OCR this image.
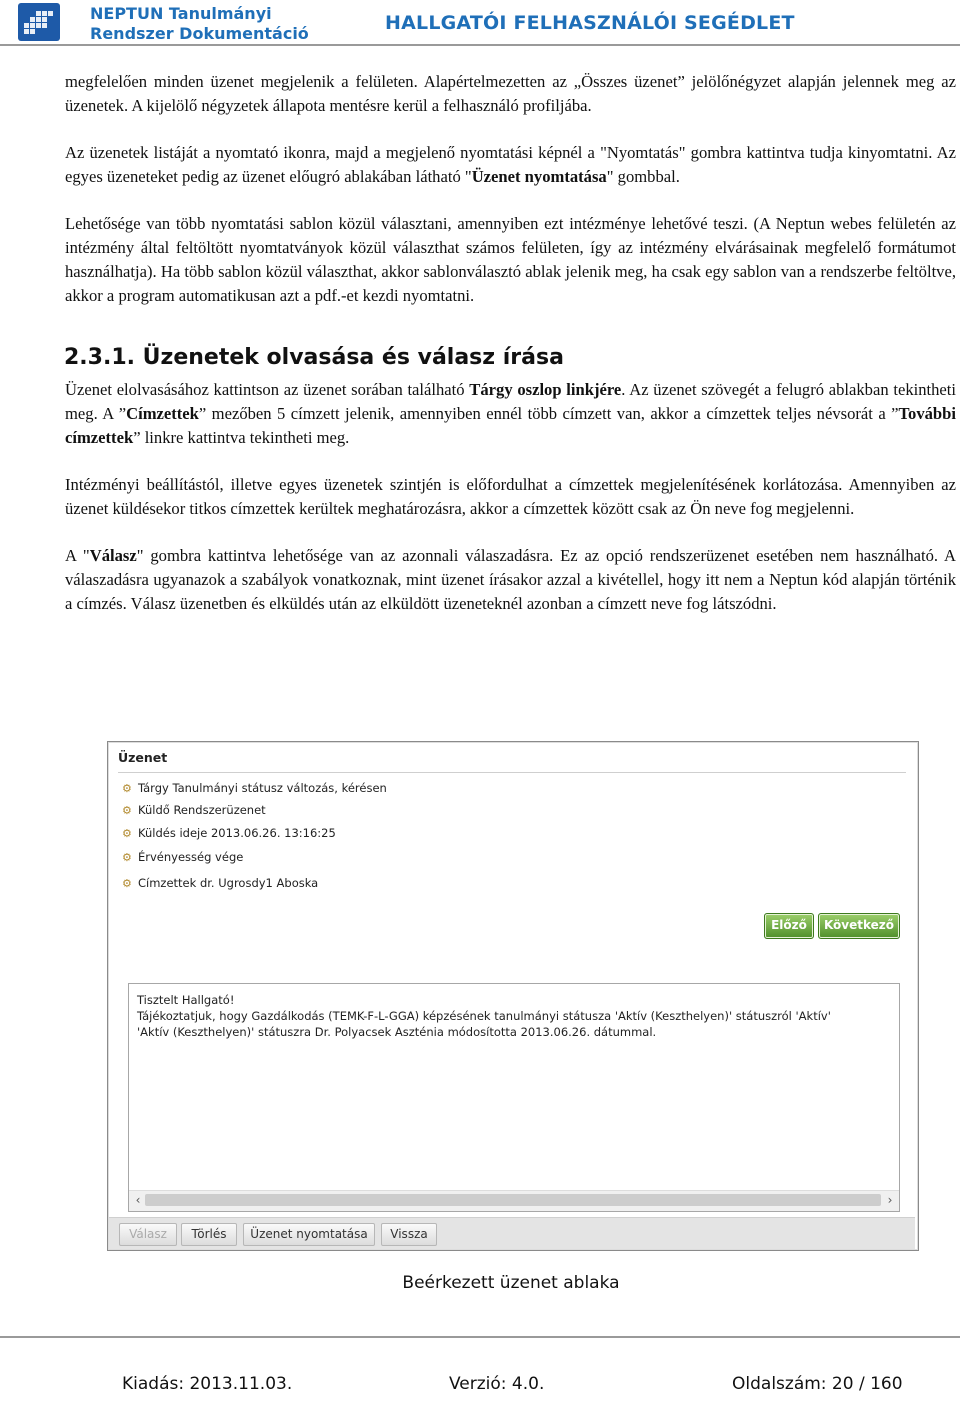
NEPTUN Tanulmányi
Rendszer Dokumentáció	HALLGATÓI FELHASZNÁLÓI SEGÉDLET

megfelelően minden üzenet megjelenik a felületen. Alapértelmezetten az „Összes üzenet” jelölőnégyzet alapján jelennek meg az üzenetek. A kijelölő négyzetek állapota mentésre kerül a felhasználó profiljába.

Az üzenetek listáját a nyomtató ikonra, majd a megjelenő nyomtatási képnél a "Nyomtatás" gombra kattintva tudja kinyomtatni. Az egyes üzeneteket pedig az üzenet előugró ablakában látható "Üzenet nyomtatása" gombbal.

Lehetősége van több nyomtatási sablon közül választani, amennyiben ezt intézménye lehetővé teszi. (A Neptun webes felületén az intézmény által feltöltött nyomtatványok közül választhat számos felületen, így az intézmény elvárásainak megfelelő formátumot használhatja). Ha több sablon közül választhat, akkor sablonválasztó ablak jelenik meg, ha csak egy sablon van a rendszerbe feltöltve, akkor a program automatikusan azt a pdf.-et kezdi nyomtatni.

2.3.1. Üzenetek olvasása és válasz írása

Üzenet elolvasásához kattintson az üzenet sorában található Tárgy oszlop linkjére. Az üzenet szövegét a felugró ablakban tekintheti meg. A ”Címzettek” mezőben 5 címzett jelenik, amennyiben ennél több címzett van, akkor a címzettek teljes névsorát a ”További címzettek” linkre kattintva tekintheti meg.

Intézményi beállítástól, illetve egyes üzenetek szintjén is előfordulhat a címzettek megjelenítésének korlátozása. Amennyiben az üzenet küldésekor titkos címzettek kerültek meghatározásra, akkor a címzettek között csak az Ön neve fog megjelenni.

A "Válasz" gombra kattintva lehetősége van az azonnali válaszadásra. Ez az opció rendszerüzenet esetében nem használható. A válaszadásra ugyanazok a szabályok vonatkoznak, mint üzenet írásakor azzal a kivétellel, hogy itt nem a Neptun kód alapján történik a címzés. Válasz üzenetben és elküldés után az elküldött üzeneteknél azonban a címzett neve fog látszódni.

Üzenet
⚙ Tárgy Tanulmányi státusz változás, kérésen
⚙ Küldő Rendszerüzenet
⚙ Küldés ideje 2013.06.26. 13:16:25
⚙ Érvényesség vége
⚙ Címzettek dr. Ugrosdy1 Aboska
Előző	Következő
Tisztelt Hallgató!
Tájékoztatjuk, hogy Gazdálkodás (TEMK-F-L-GGA) képzésének tanulmányi státusza 'Aktív (Keszthelyen)' státuszról 'Aktív'
'Aktív (Keszthelyen)' státuszra Dr. Polyacsek Aszténia módosította 2013.06.26. dátummal.
‹	›
Válasz	Törlés	Üzenet nyomtatása	Vissza
Beérkezett üzenet ablaka
Kiadás: 2013.11.03.	Verzió: 4.0.	Oldalszám: 20 / 160
